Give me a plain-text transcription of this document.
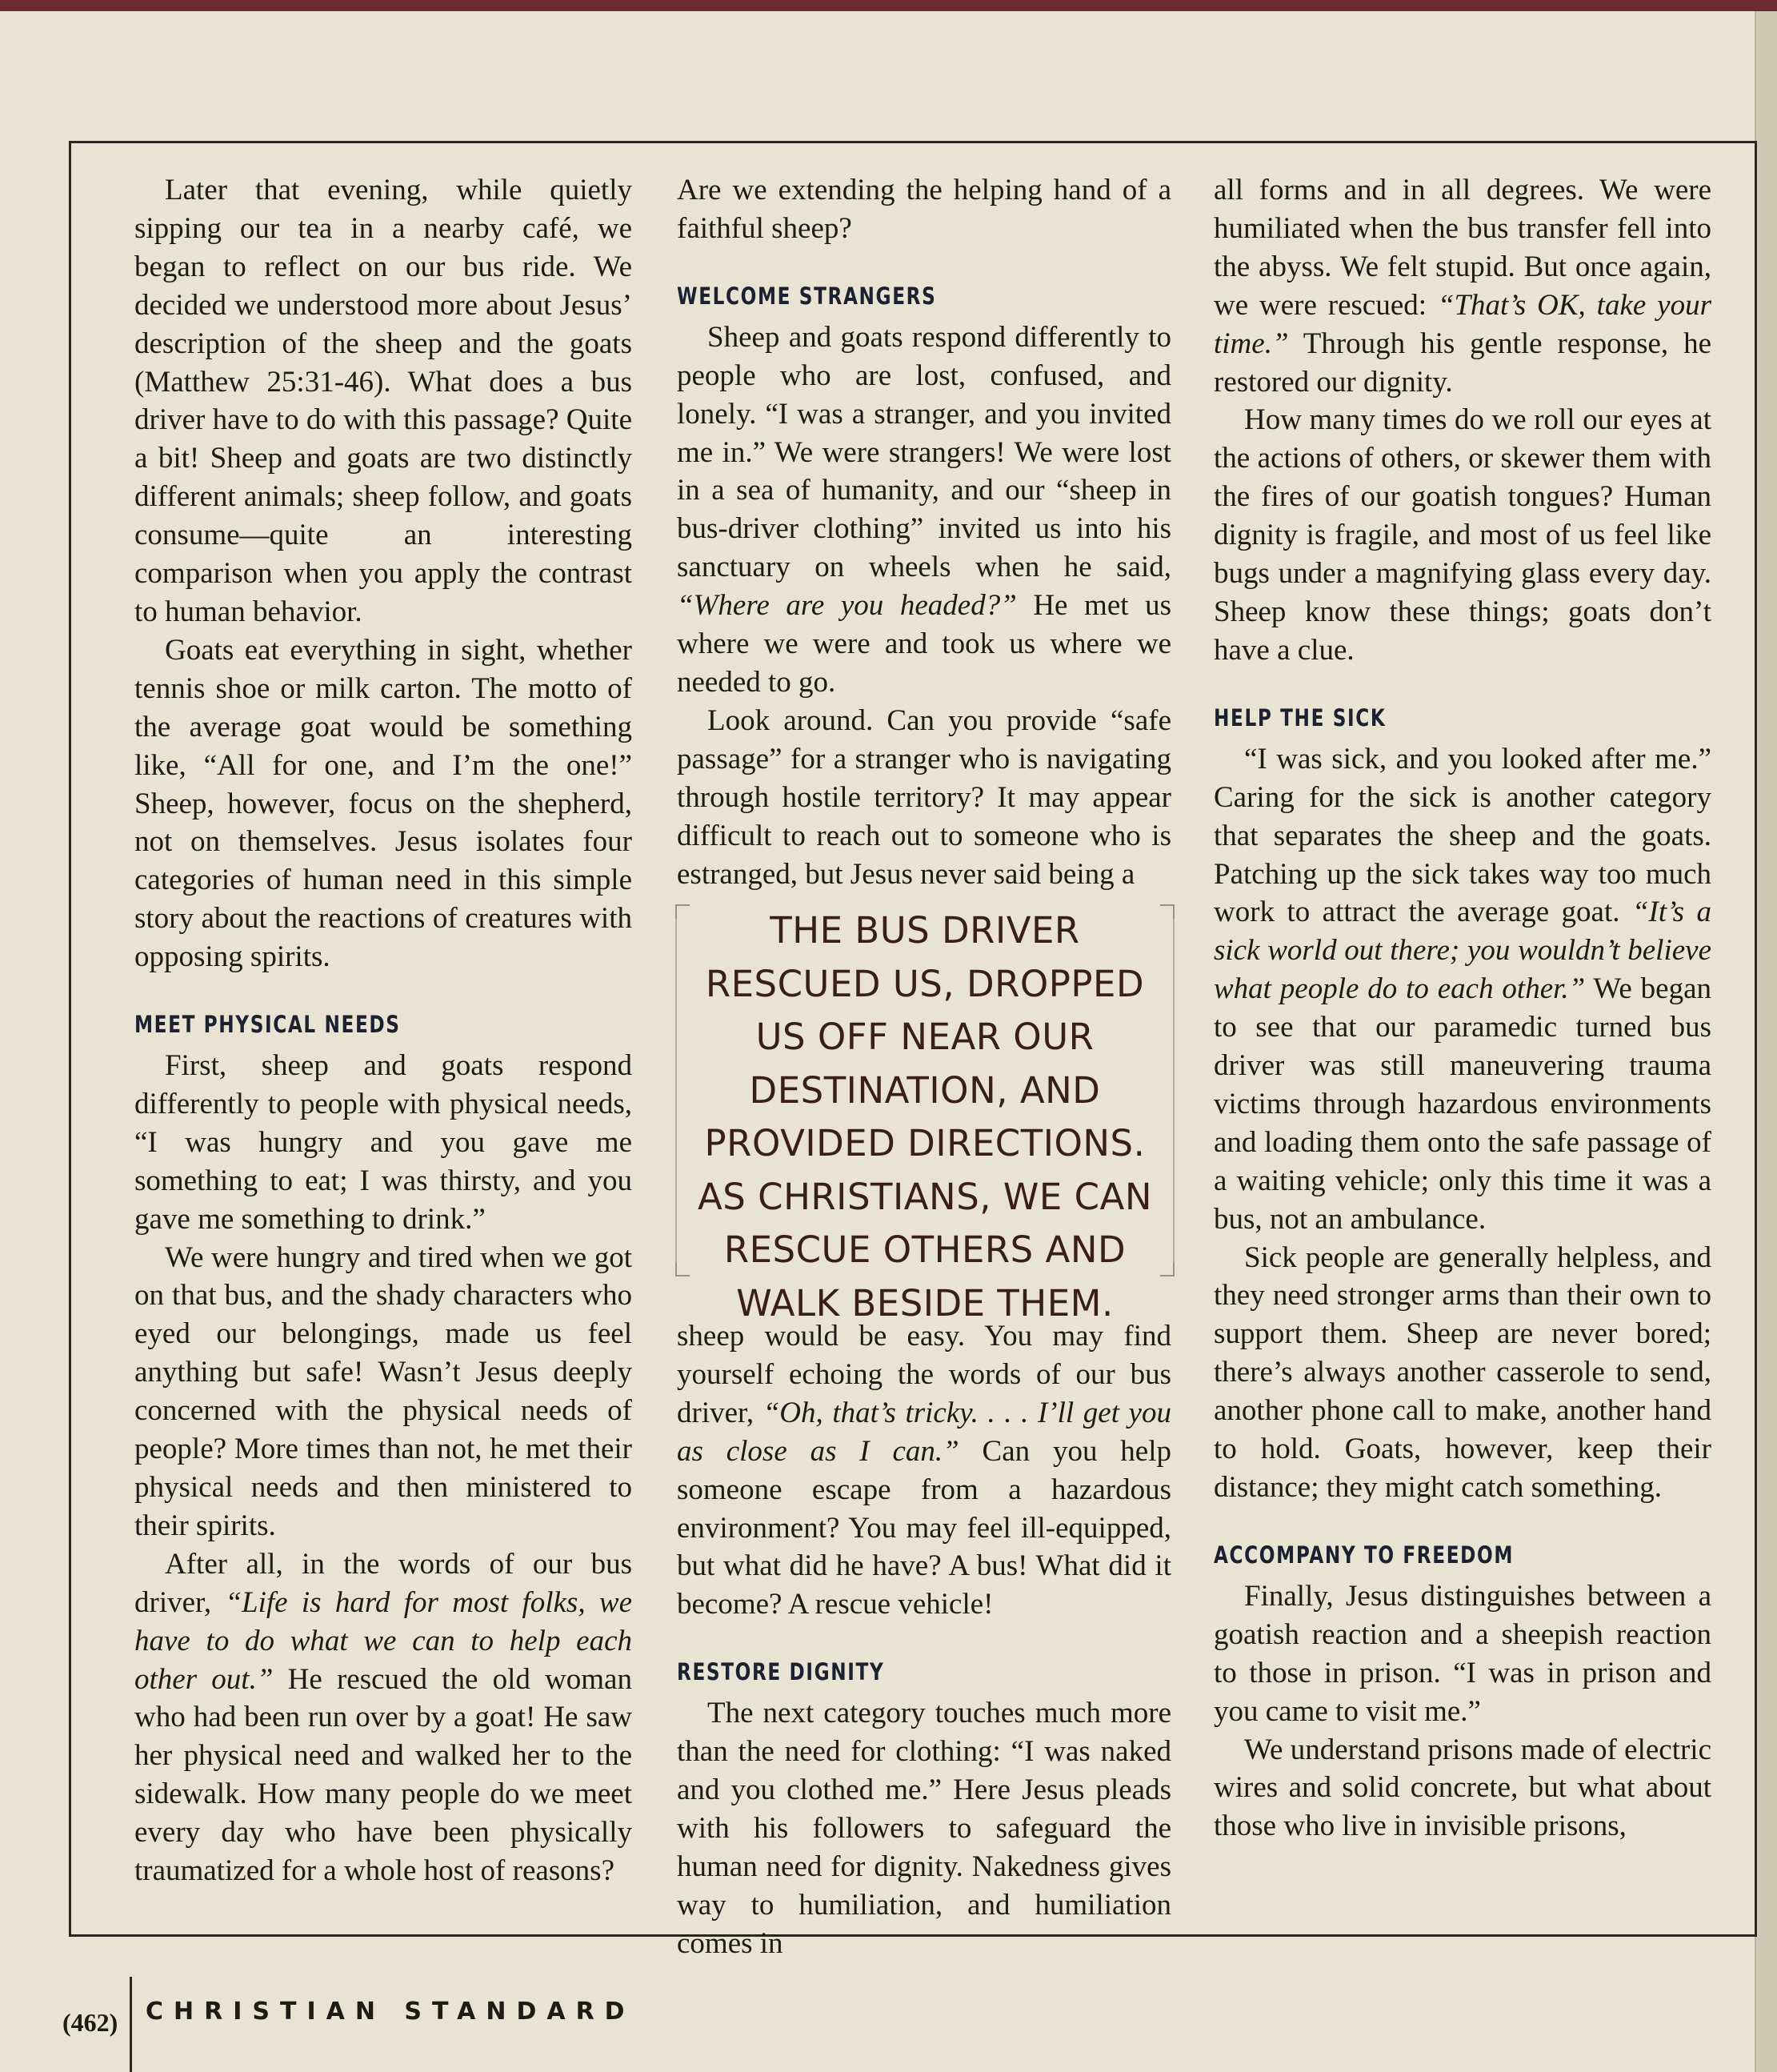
Later that evening, while quietly sipping our tea in a nearby café, we began to reflect on our bus ride. We decided we understood more about Jesus’ description of the sheep and the goats (Matthew 25:31-46). What does a bus driver have to do with this passage? Quite a bit! Sheep and goats are two distinctly different animals; sheep follow, and goats consume—quite an interesting comparison when you apply the contrast to human behavior.

Goats eat everything in sight, whether tennis shoe or milk carton. The motto of the average goat would be something like, “All for one, and I’m the one!” Sheep, however, focus on the shepherd, not on themselves. Jesus isolates four categories of human need in this simple story about the reactions of creatures with opposing spirits.

MEET PHYSICAL NEEDS

First, sheep and goats respond differently to people with physical needs, “I was hungry and you gave me something to eat; I was thirsty, and you gave me something to drink.”

We were hungry and tired when we got on that bus, and the shady characters who eyed our belongings, made us feel anything but safe! Wasn’t Jesus deeply concerned with the physical needs of people? More times than not, he met their physical needs and then ministered to their spirits.

After all, in the words of our bus driver, “Life is hard for most folks, we have to do what we can to help each other out.” He rescued the old woman who had been run over by a goat! He saw her physical need and walked her to the sidewalk. How many people do we meet every day who have been physically traumatized for a whole host of reasons?

Are we extending the helping hand of a faithful sheep?

WELCOME STRANGERS

Sheep and goats respond differently to people who are lost, confused, and lonely. “I was a stranger, and you invited me in.” We were strangers! We were lost in a sea of humanity, and our “sheep in bus-driver clothing” invited us into his sanctuary on wheels when he said, “Where are you headed?” He met us where we were and took us where we needed to go.

Look around. Can you provide “safe passage” for a stranger who is navigating through hostile territory? It may appear difficult to reach out to someone who is estranged, but Jesus never said being a

THE BUS DRIVER RESCUED US, DROPPED US OFF NEAR OUR DESTINATION, AND PROVIDED DIRECTIONS. AS CHRISTIANS, WE CAN RESCUE OTHERS AND WALK BESIDE THEM.

sheep would be easy. You may find yourself echoing the words of our bus driver, “Oh, that’s tricky. . . . I’ll get you as close as I can.” Can you help someone escape from a hazardous environment? You may feel ill-equipped, but what did he have? A bus! What did it become? A rescue vehicle!

RESTORE DIGNITY

The next category touches much more than the need for clothing: “I was naked and you clothed me.” Here Jesus pleads with his followers to safeguard the human need for dignity. Nakedness gives way to humiliation, and humiliation comes in

all forms and in all degrees. We were humiliated when the bus transfer fell into the abyss. We felt stupid. But once again, we were rescued: “That’s OK, take your time.” Through his gentle response, he restored our dignity.

How many times do we roll our eyes at the actions of others, or skewer them with the fires of our goatish tongues? Human dignity is fragile, and most of us feel like bugs under a magnifying glass every day. Sheep know these things; goats don’t have a clue.

HELP THE SICK

“I was sick, and you looked after me.” Caring for the sick is another category that separates the sheep and the goats. Patching up the sick takes way too much work to attract the average goat. “It’s a sick world out there; you wouldn’t believe what people do to each other.” We began to see that our paramedic turned bus driver was still maneuvering trauma victims through hazardous environments and loading them onto the safe passage of a waiting vehicle; only this time it was a bus, not an ambulance.

Sick people are generally helpless, and they need stronger arms than their own to support them. Sheep are never bored; there’s always another casserole to send, another phone call to make, another hand to hold. Goats, however, keep their distance; they might catch something.

ACCOMPANY TO FREEDOM

Finally, Jesus distinguishes between a goatish reaction and a sheepish reaction to those in prison. “I was in prison and you came to visit me.”

We understand prisons made of electric wires and solid concrete, but what about those who live in invisible prisons,

(462) CHRISTIAN STANDARD
